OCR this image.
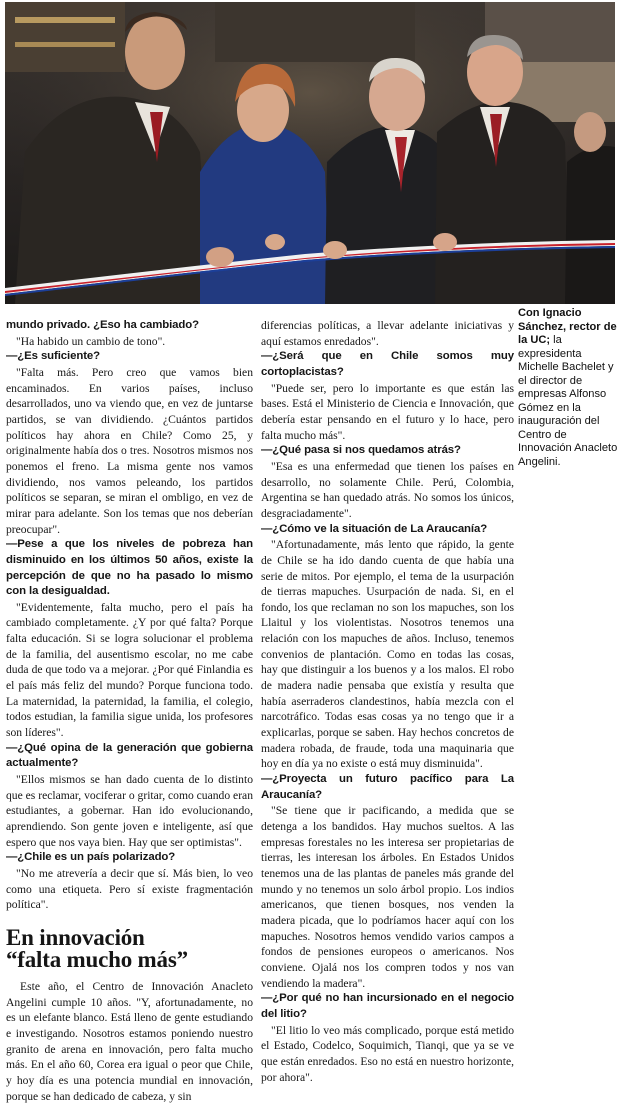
Con Ignacio Sánchez, rector de la UC; la expresidenta Michelle Bachelet y el director de empresas Alfonso Gómez en la inauguración del Centro de Innovación Anacleto Angelini.

mundo privado. ¿Eso ha cambiado?

"Ha habido un cambio de tono".

—¿Es suficiente?

"Falta más. Pero creo que vamos bien encaminados. En varios países, incluso desarrollados, uno va viendo que, en vez de juntarse partidos, se van dividiendo. ¿Cuántos partidos políticos hay ahora en Chile? Como 25, y originalmente había dos o tres. Nosotros mismos nos ponemos el freno. La misma gente nos vamos dividiendo, nos vamos peleando, los partidos políticos se separan, se miran el ombligo, en vez de mirar para adelante. Son los temas que nos deberían preocupar".

—Pese a que los niveles de pobreza han disminuido en los últimos 50 años, existe la percepción de que no ha pasado lo mismo con la desigualdad.

"Evidentemente, falta mucho, pero el país ha cambiado completamente. ¿Y por qué falta? Porque falta educación. Si se logra solucionar el problema de la familia, del ausentismo escolar, no me cabe duda de que todo va a mejorar. ¿Por qué Finlandia es el país más feliz del mundo? Porque funciona todo. La maternidad, la paternidad, la familia, el colegio, todos estudian, la familia sigue unida, los profesores son líderes".

—¿Qué opina de la generación que gobierna actualmente?

"Ellos mismos se han dado cuenta de lo distinto que es reclamar, vociferar o gritar, como cuando eran estudiantes, a gobernar. Han ido evolucionando, aprendiendo. Son gente joven e inteligente, así que espero que nos vaya bien. Hay que ser optimistas".

—¿Chile es un país polarizado?

"No me atrevería a decir que sí. Más bien, lo veo como una etiqueta. Pero sí existe fragmentación política".

En innovación
“falta mucho más”

Este año, el Centro de Innovación Anacleto Angelini cumple 10 años. "Y, afortunadamente, no es un elefante blanco. Está lleno de gente estudiando e investigando. Nosotros estamos poniendo nuestro granito de arena en innovación, pero falta mucho más. En el año 60, Corea era igual o peor que Chile, y hoy día es una potencia mundial en innovación, porque se han dedicado de cabeza, y sin

diferencias políticas, a llevar adelante iniciativas y aquí estamos enredados".

—¿Será que en Chile somos muy cortoplacistas?

"Puede ser, pero lo importante es que están las bases. Está el Ministerio de Ciencia e Innovación, que debería estar pensando en el futuro y lo hace, pero falta mucho más".

—¿Qué pasa si nos quedamos atrás?

"Esa es una enfermedad que tienen los países en desarrollo, no solamente Chile. Perú, Colombia, Argentina se han quedado atrás. No somos los únicos, desgraciadamente".

—¿Cómo ve la situación de La Araucanía?

"Afortunadamente, más lento que rápido, la gente de Chile se ha ido dando cuenta de que había una serie de mitos. Por ejemplo, el tema de la usurpación de tierras mapuches. Usurpación de nada. Si, en el fondo, los que reclaman no son los mapuches, son los Llaitul y los violentistas. Nosotros tenemos una relación con los mapuches de años. Incluso, tenemos convenios de plantación. Como en todas las cosas, hay que distinguir a los buenos y a los malos. El robo de madera nadie pensaba que existía y resulta que había aserraderos clandestinos, había mezcla con el narcotráfico. Todas esas cosas ya no tengo que ir a explicarlas, porque se saben. Hay hechos concretos de madera robada, de fraude, toda una maquinaria que hoy en día ya no existe o está muy disminuida".

—¿Proyecta un futuro pacífico para La Araucanía?

"Se tiene que ir pacificando, a medida que se detenga a los bandidos. Hay muchos sueltos. A las empresas forestales no les interesa ser propietarias de tierras, les interesan los árboles. En Estados Unidos tenemos una de las plantas de paneles más grande del mundo y no tenemos un solo árbol propio. Los indios americanos, que tienen bosques, nos venden la madera picada, que lo podríamos hacer aquí con los mapuches. Nosotros hemos vendido varios campos a fondos de pensiones europeos o americanos. Nos conviene. Ojalá nos los compren todos y nos van vendiendo la madera".

—¿Por qué no han incursionado en el negocio del litio?

"El litio lo veo más complicado, porque está metido el Estado, Codelco, Soquimich, Tianqi, que ya se ve que están enredados. Eso no está en nuestro horizonte, por ahora".
